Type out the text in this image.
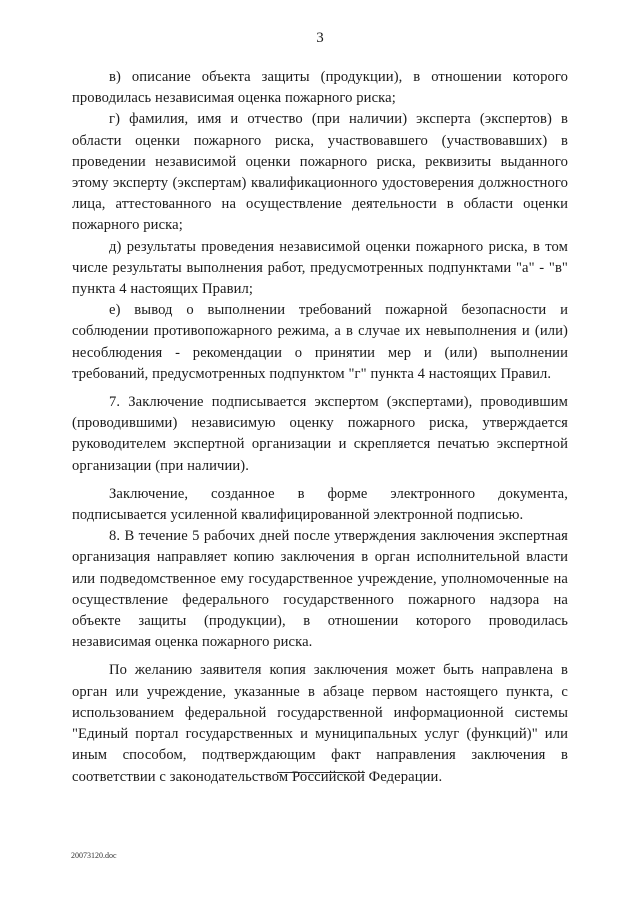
3

в) описание объекта защиты (продукции), в отношении которого проводилась независимая оценка пожарного риска;

г) фамилия, имя и отчество (при наличии) эксперта (экспертов) в области оценки пожарного риска, участвовавшего (участвовавших) в проведении независимой оценки пожарного риска, реквизиты выданного этому эксперту (экспертам) квалификационного удостоверения должностного лица, аттестованного на осуществление деятельности в области оценки пожарного риска;

д) результаты проведения независимой оценки пожарного риска, в том числе результаты выполнения работ, предусмотренных подпунктами "а" - "в" пункта 4 настоящих Правил;

е) вывод о выполнении требований пожарной безопасности и соблюдении противопожарного режима, а в случае их невыполнения и (или) несоблюдения - рекомендации о принятии мер и (или) выполнении требований, предусмотренных подпунктом "г" пункта 4 настоящих Правил.

7. Заключение подписывается экспертом (экспертами), проводившим (проводившими) независимую оценку пожарного риска, утверждается руководителем экспертной организации и скрепляется печатью экспертной организации (при наличии).

Заключение, созданное в форме электронного документа, подписывается усиленной квалифицированной электронной подписью.

8. В течение 5 рабочих дней после утверждения заключения экспертная организация направляет копию заключения в орган исполнительной власти или подведомственное ему государственное учреждение, уполномоченные на осуществление федерального государственного пожарного надзора на объекте защиты (продукции), в отношении которого проводилась независимая оценка пожарного риска.

По желанию заявителя копия заключения может быть направлена в орган или учреждение, указанные в абзаце первом настоящего пункта, с использованием федеральной государственной информационной системы "Единый портал государственных и муниципальных услуг (функций)" или иным способом, подтверждающим факт направления заключения в соответствии с законодательством Российской Федерации.

20073120.doc
